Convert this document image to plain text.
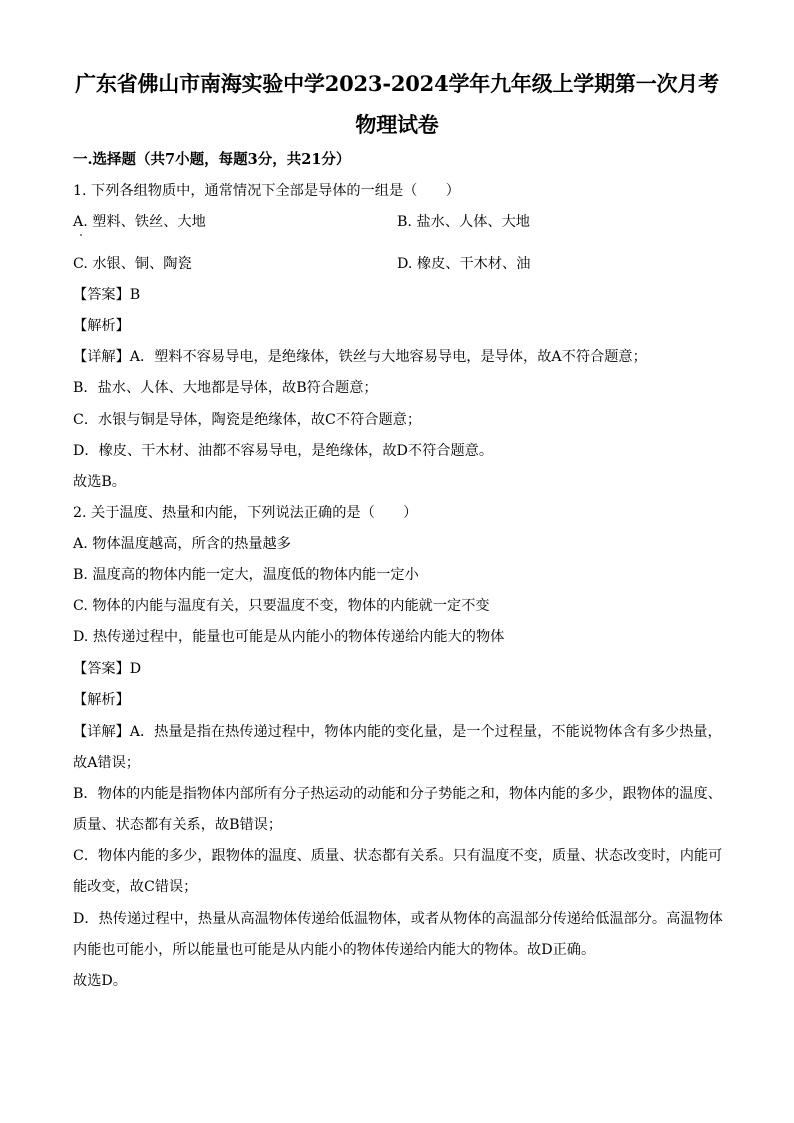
广东省佛山市南海实验中学2023-2024学年九年级上学期第一次月考
物理试卷
一.选择题（共7小题，每题3分，共21分）
1. 下列各组物质中，通常情况下全部是导体的一组是（　　）
A. 塑料、铁丝、大地	B. 盐水、人体、大地
C. 水银、铜、陶瓷	D. 橡皮、干木材、油
【答案】B
【解析】
【详解】A．塑料不容易导电，是绝缘体，铁丝与大地容易导电，是导体，故A不符合题意；
B．盐水、人体、大地都是导体，故B符合题意；
C．水银与铜是导体，陶瓷是绝缘体，故C不符合题意；
D．橡皮、干木材、油都不容易导电，是绝缘体，故D不符合题意。
故选B。
2. 关于温度、热量和内能，下列说法正确的是（　　）
A. 物体温度越高，所含的热量越多
B. 温度高的物体内能一定大，温度低的物体内能一定小
C. 物体的内能与温度有关，只要温度不变，物体的内能就一定不变
D. 热传递过程中，能量也可能是从内能小的物体传递给内能大的物体
【答案】D
【解析】
【详解】A．热量是指在热传递过程中，物体内能的变化量，是一个过程量，不能说物体含有多少热量，
故A错误；
B．物体的内能是指物体内部所有分子热运动的动能和分子势能之和，物体内能的多少，跟物体的温度、
质量、状态都有关系，故B错误；
C．物体内能的多少，跟物体的温度、质量、状态都有关系。只有温度不变，质量、状态改变时，内能可
能改变，故C错误；
D．热传递过程中，热量从高温物体传递给低温物体，或者从物体的高温部分传递给低温部分。高温物体
内能也可能小，所以能量也可能是从内能小的物体传递给内能大的物体。故D正确。
故选D。
